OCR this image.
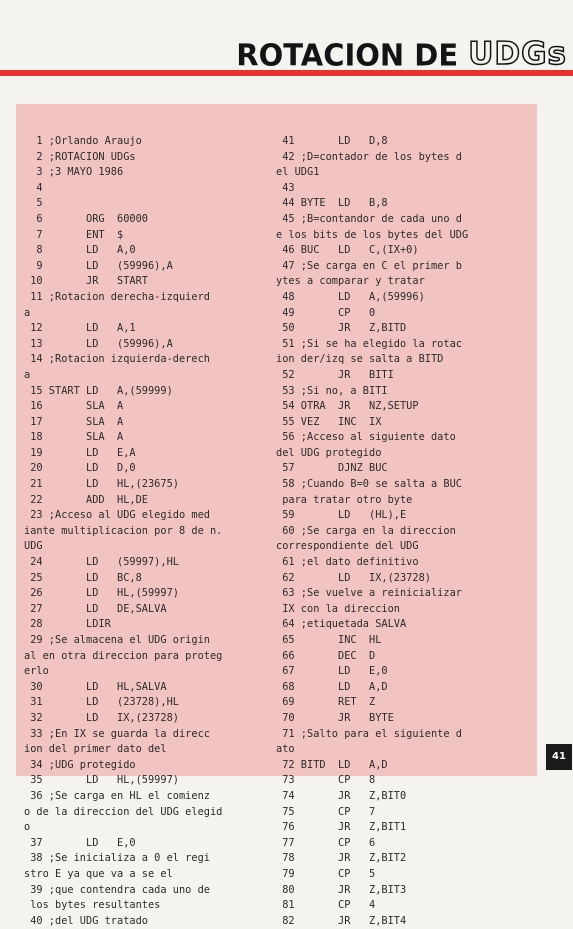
ROTACION DE UDGs
1 ;Orlando Araujo
2 ;ROTACION UDGs
3 ;3 MAYO 1986
4
5
6       ORG  60000
7       ENT  $
8       LD   A,0
9       LD   (59996),A
10       JR   START
11 ;Rotacion derecha-izquierd
a
12       LD   A,1
13       LD   (59996),A
14 ;Rotacion izquierda-derech
a
15 START LD   A,(59999)
16       SLA  A
17       SLA  A
18       SLA  A
19       LD   E,A
20       LD   D,0
21       LD   HL,(23675)
22       ADD  HL,DE
23 ;Acceso al UDG elegido med
iante multiplicacion por 8 de n.
UDG
24       LD   (59997),HL
25       LD   BC,8
26       LD   HL,(59997)
27       LD   DE,SALVA
28       LDIR
29 ;Se almacena el UDG origin
al en otra direccion para proteg
erlo
30       LD   HL,SALVA
31       LD   (23728),HL
32       LD   IX,(23728)
33 ;En IX se guarda la direcc
ion del primer dato del
34 ;UDG protegido
35       LD   HL,(59997)
36 ;Se carga en HL el comienz
o de la direccion del UDG elegid
o
37       LD   E,0
38 ;Se inicializa a 0 el regi
stro E ya que va a se el
39 ;que contendra cada uno de
los bytes resultantes
40 ;del UDG tratado
41       LD   D,8
42 ;D=contador de los bytes d
el UDG1
43
44 BYTE  LD   B,8
45 ;B=contandor de cada uno d
e los bits de los bytes del UDG
46 BUC   LD   C,(IX+0)
47 ;Se carga en C el primer b
ytes a comparar y tratar
48       LD   A,(59996)
49       CP   0
50       JR   Z,BITD
51 ;Si se ha elegido la rotac
ion der/izq se salta a BITD
52       JR   BITI
53 ;Si no, a BITI
54 OTRA  JR   NZ,SETUP
55 VEZ   INC  IX
56 ;Acceso al siguiente dato
del UDG protegido
57       DJNZ BUC
58 ;Cuando B=0 se salta a BUC
para tratar otro byte
59       LD   (HL),E
60 ;Se carga en la direccion
correspondiente del UDG
61 ;el dato definitivo
62       LD   IX,(23728)
63 ;Se vuelve a reinicializar
IX con la direccion
64 ;etiquetada SALVA
65       INC  HL
66       DEC  D
67       LD   E,0
68       LD   A,D
69       RET  Z
70       JR   BYTE
71 ;Salto para el siguiente d
ato
72 BITD  LD   A,D
73       CP   8
74       JR   Z,BIT0
75       CP   7
76       JR   Z,BIT1
77       CP   6
78       JR   Z,BIT2
79       CP   5
80       JR   Z,BIT3
81       CP   4
82       JR   Z,BIT4
41
